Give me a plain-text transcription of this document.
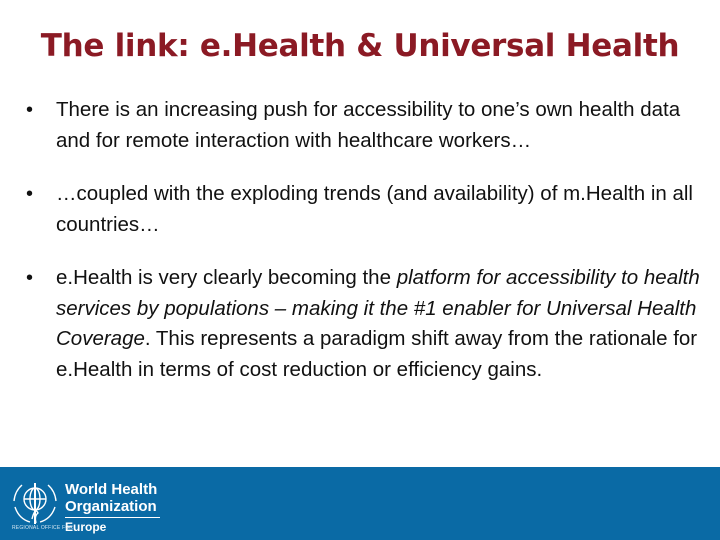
The link: e.Health & Universal Health
•	There is an increasing push for accessibility to one’s own health data and for remote interaction with healthcare workers…
•	…coupled with the exploding trends (and availability) of m.Health in all countries…
•	e.Health is very clearly becoming the platform for accessibility to health services by populations – making it the #1 enabler for Universal Health Coverage. This represents a paradigm shift away from the rationale for e.Health in terms of cost reduction or efficiency gains.
World Health
Organization
Europe
REGIONAL OFFICE FOR
